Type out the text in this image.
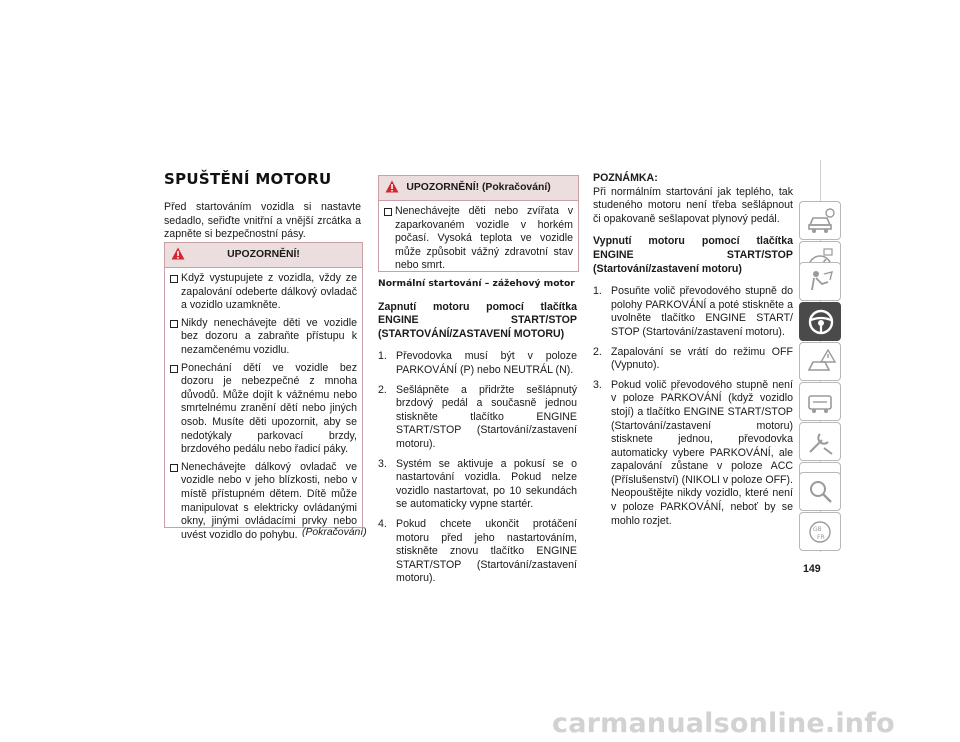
SPUŠTĚNÍ MOTORU
Před startováním vozidla si nastavte sedadlo, seřiďte vnitřní a vnější zrcátka a zapněte si bezpečnostní pásy.
UPOZORNĚNÍ!
Když vystupujete z vozidla, vždy ze zapalování odeberte dálkový ovladač a vozidlo uzamkněte.
Nikdy nenechávejte děti ve vozidle bez dozoru a zabraňte přístupu k nezamčenému vozidlu.
Ponechání dětí ve vozidle bez dozoru je nebezpečné z mnoha důvodů. Může dojít k vážnému nebo smrtelnému zranění dětí nebo jiných osob. Musíte děti upozornit, aby se nedotýkaly parkovací brzdy, brzdového pedálu nebo řadicí páky.
Nenechávejte dálkový ovladač ve vozidle nebo v jeho blízkosti, nebo v místě přístupném dětem. Dítě může manipulovat s elektricky ovládanými okny, jinými ovládacími prvky nebo uvést vozidlo do pohybu. (Pokračování)
UPOZORNĚNÍ! (Pokračování)
Nenechávejte děti nebo zvířata v zaparkovaném vozidle v horkém počasí. Vysoká teplota ve vozidle může způsobit vážný zdravotní stav nebo smrt.

Normální startování – zážehový motor

Zapnutí motoru pomocí tlačítka ENGINE START/STOP (STARTOVÁNÍ/ZASTAVENÍ MOTORU)

1. Převodovka musí být v poloze PARKOVÁNÍ (P) nebo NEUTRÁL (N).
2. Sešlápněte a přidržte sešlápnutý brzdový pedál a současně jednou stiskněte tlačítko ENGINE START/STOP (Startování/zastavení motoru).
3. Systém se aktivuje a pokusí se o nastartování vozidla. Pokud nelze vozidlo nastartovat, po 10 sekundách se automaticky vypne startér.
4. Pokud chcete ukončit protáčení motoru před jeho nastartováním, stiskněte znovu tlačítko ENGINE START/STOP (Startování/zastavení motoru).

POZNÁMKA:

Při normálním startování jak teplého, tak studeného motoru není třeba sešlápnout či opakovaně sešlapovat plynový pedál.

Vypnutí motoru pomocí tlačítka ENGINE START/STOP (Startování/zastavení motoru)

1. Posuňte volič převodového stupně do polohy PARKOVÁNÍ a poté stiskněte a uvolněte tlačítko ENGINE START/ STOP (Startování/zastavení motoru).
2. Zapalování se vrátí do režimu OFF (Vypnuto).
3. Pokud volič převodového stupně není v poloze PARKOVÁNÍ (když vozidlo stojí) a tlačítko ENGINE START/STOP (Startování/zastavení motoru) stisknete jednou, převodovka automaticky vybere PARKOVÁNÍ, ale zapalování zůstane v poloze ACC (Příslušenství) (NIKOLI v poloze OFF). Neopouštějte nikdy vozidlo, které není v poloze PARKOVÁNÍ, neboť by se mohlo rozjet.
GB
FR
149
carmanualsonline.info
